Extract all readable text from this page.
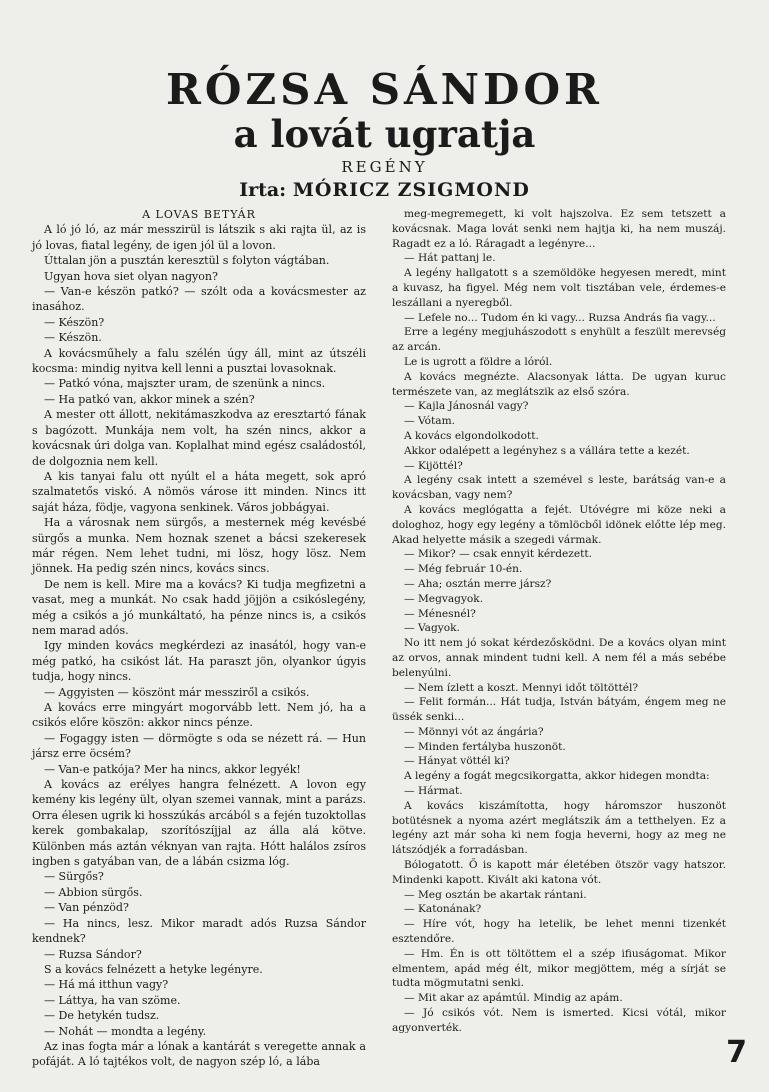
RÓZSA SÁNDOR
a lovát ugratja
REGÉNY
Irta: MÓRICZ ZSIGMOND

A LOVAS BETYÁR

A ló jó ló, az már messzirül is látszik s aki rajta ül, az is jó lovas, fiatal legény, de igen jól ül a lovon.

Úttalan jön a pusztán keresztül s folyton vágtában.

Ugyan hova siet olyan nagyon?

— Van-e készön patkó? — szólt oda a kovácsmester az inasához.

— Készön?

— Készön.

A kovácsműhely a falu szélén úgy áll, mint az útszéli kocsma: mindig nyitva kell lenni a pusztai lovasoknak.

— Patkó vóna, majszter uram, de szenünk a nincs.

— Ha patkó van, akkor minek a szén?

A mester ott állott, nekitámaszkodva az eresztartó fának s bagózott. Munkája nem volt, ha szén nincs, akkor a kovácsnak úri dolga van. Koplalhat mind egész családostól, de dolgoznia nem kell.

A kis tanyai falu ott nyúlt el a háta megett, sok apró szalmatetős viskó. A nömös várose itt minden. Nincs itt saját háza, födje, vagyona senkinek. Város jobbágyai.

Ha a városnak nem sürgős, a mesternek még kevésbé sürgős a munka. Nem hoznak szenet a bácsi szekeresek már régen. Nem lehet tudni, mi lösz, hogy lösz. Nem jönnek. Ha pedig szén nincs, kovács sincs.

De nem is kell. Mire ma a kovács? Ki tudja megfizetni a vasat, meg a munkát. No csak hadd jöjjön a csikóslegény, még a csikós a jó munkáltató, ha pénze nincs is, a csikós nem marad adós.

Igy minden kovács megkérdezi az inasától, hogy van-e még patkó, ha csikóst lát. Ha paraszt jön, olyankor úgyis tudja, hogy nincs.

— Aggyisten — köszönt már messziről a csikós.

A kovács erre mingyárt mogorvább lett. Nem jó, ha a csikós előre köszön: akkor nincs pénze.

— Fogaggy isten — dörmögte s oda se nézett rá. — Hun jársz erre öcsém?

— Van-e patkója? Mer ha nincs, akkor legyék!

A kovács az erélyes hangra felnézett. A lovon egy kemény kis legény ült, olyan szemei vannak, mint a parázs. Orra élesen ugrik ki hosszúkás arcából s a fején tuzoktollas kerek gombakalap, szorítószíjjal az álla alá kötve. Különben más aztán véknyan van rajta. Hótt halálos zsíros ingben s gatyában van, de a lábán csizma lóg.

— Sürgős?

— Abbion sürgős.

— Van pénzöd?

— Ha nincs, lesz. Mikor maradt adós Ruzsa Sándor kendnek?

— Ruzsa Sándor?

S a kovács felnézett a hetyke legényre.

— Há má itthun vagy?

— Láttya, ha van szöme.

— De hetykén tudsz.

— Nohát — mondta a legény.

Az inas fogta már a lónak a kantárát s veregette annak a pofáját. A ló tajtékos volt, de nagyon szép ló, a lába

meg-megremegett, ki volt hajszolva. Ez sem tetszett a kovácsnak. Maga lovát senki nem hajtja ki, ha nem muszáj. Ragadt ez a ló. Ráragadt a legényre...

— Hát pattanj le.

A legény hallgatott s a szemöldöke hegyesen meredt, mint a kuvasz, ha figyel. Még nem volt tisztában vele, érdemes-e leszállani a nyeregből.

— Lefele no... Tudom én ki vagy... Ruzsa András fia vagy...

Erre a legény megjuhászodott s enyhült a feszült merevség az arcán.

Le is ugrott a földre a lóról.

A kovács megnézte. Alacsonyak látta. De ugyan kuruc természete van, az meglátszik az első szóra.

— Kajla Jánosnál vagy?

— Vótam.

A kovács elgondolkodott.

Akkor odalépett a legényhez s a vállára tette a kezét.

— Kijöttél?

A legény csak intett a szemével s leste, barátság van-e a kovácsban, vagy nem?

A kovács meglógatta a fejét. Utóvégre mi köze neki a dologhoz, hogy egy legény a tömlöcből idönek előtte lép meg. Akad helyette másik a szegedi vármak.

— Mikor? — csak ennyit kérdezett.

— Még február 10-én.

— Aha; osztán merre jársz?

— Megvagyok.

— Ménesnél?

— Vagyok.

No itt nem jó sokat kérdezősködni. De a kovács olyan mint az orvos, annak mindent tudni kell. A nem fél a más sebébe belenyúlni.

— Nem ízlett a koszt. Mennyi időt töltöttél?

— Felit formán... Hát tudja, István bátyám, éngem meg ne üssék senki...

— Mönnyi vót az ángária?

— Minden fertályba huszonöt.

— Hányat vöttél ki?

A legény a fogát megcsikorgatta, akkor hidegen mondta:

— Hármat.

A kovács kiszámította, hogy háromszor huszonöt botütésnek a nyoma azért meglátszik ám a tetthelyen. Ez a legény azt már soha ki nem fogja heverni, hogy az meg ne látszódjék a forradásban.

Bólogatott. Ő is kapott már életében ötször vagy hatszor. Mindenki kapott. Kivált aki katona vót.

— Meg osztán be akartak rántani.

— Katonának?

— Híre vót, hogy ha letelik, be lehet menni tizenkét esztendőre.

— Hm. Én is ott töltöttem el a szép ifiuságomat. Mikor elmentem, apád még élt, mikor megjöttem, még a sírját se tudta mögmutatni senki.

— Mit akar az apámtúl. Mindig az apám.

— Jó csikós vót. Nem is ismerted. Kicsi vótál, mikor agyonverték.

7
